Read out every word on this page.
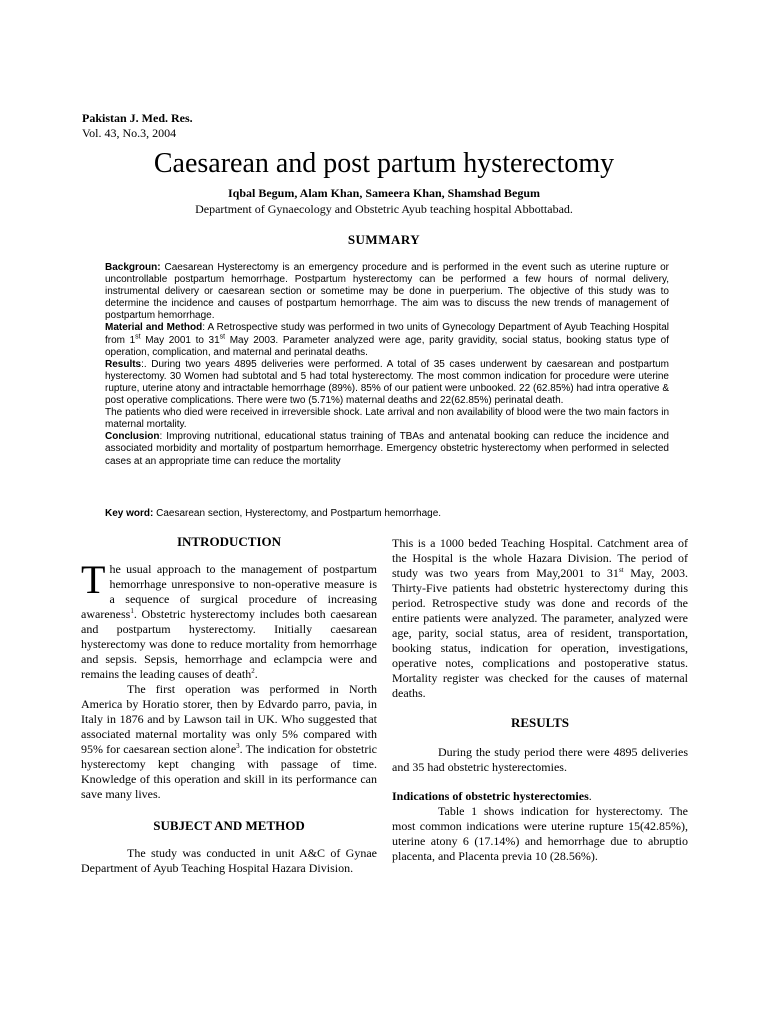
Pakistan J. Med. Res.
Vol. 43, No.3, 2004
Caesarean and post partum hysterectomy
Iqbal Begum, Alam Khan, Sameera Khan, Shamshad Begum
Department of Gynaecology and Obstetric Ayub teaching hospital Abbottabad.
SUMMARY

Backgroun: Caesarean Hysterectomy is an emergency procedure and is performed in the event such as uterine rupture or uncontrollable postpartum hemorrhage. Postpartum hysterectomy can be performed a few hours of normal delivery, instrumental delivery or caesarean section or sometime may be done in puerperium. The objective of this study was to determine the incidence and causes of postpartum hemorrhage. The aim was to discuss the new trends of management of postpartum hemorrhage.

Material and Method: A Retrospective study was performed in two units of Gynecology Department of Ayub Teaching Hospital from 1st May 2001 to 31st May 2003. Parameter analyzed were age, parity gravidity, social status, booking status type of operation, complication, and maternal and perinatal deaths.

Results:. During two years 4895 deliveries were performed. A total of 35 cases underwent by caesarean and postpartum hysterectomy. 30 Women had subtotal and 5 had total hysterectomy. The most common indication for procedure were uterine rupture, uterine atony and intractable hemorrhage (89%). 85% of our patient were unbooked. 22 (62.85%) had intra operative & post operative complications. There were two (5.71%) maternal deaths and 22(62.85%) perinatal death.

The patients who died were received in irreversible shock. Late arrival and non availability of blood were the two main factors in maternal mortality.

Conclusion: Improving nutritional, educational status training of TBAs and antenatal booking can reduce the incidence and associated morbidity and mortality of postpartum hemorrhage. Emergency obstetric hysterectomy when performed in selected cases at an appropriate time can reduce the mortality

Key word: Caesarean section, Hysterectomy, and Postpartum hemorrhage.

INTRODUCTION

The usual approach to the management of postpartum hemorrhage unresponsive to non-operative measure is a sequence of surgical procedure of increasing awareness$^1$. Obstetric hysterectomy includes both caesarean and postpartum hysterectomy. Initially caesarean hysterectomy was done to reduce mortality from hemorrhage and sepsis. Sepsis, hemorrhage and eclampcia were and remains the leading causes of death$^2$.

The first operation was performed in North America by Horatio storer, then by Edvardo parro, pavia, in Italy in 1876 and by Lawson tail in UK. Who suggested that associated maternal mortality was only 5% compared with 95% for caesarean section alone$^3$. The indication for obstetric hysterectomy kept changing with passage of time. Knowledge of this operation and skill in its performance can save many lives.

SUBJECT AND METHOD

The study was conducted in unit A&C of Gynae Department of Ayub Teaching Hospital Hazara Division.

This is a 1000 beded Teaching Hospital. Catchment area of the Hospital is the whole Hazara Division. The period of study was two years from May,2001 to 31st May, 2003. Thirty-Five patients had obstetric hysterectomy during this period. Retrospective study was done and records of the entire patients were analyzed. The parameter, analyzed were age, parity, social status, area of resident, transportation, booking status, indication for operation, investigations, operative notes, complications and postoperative status. Mortality register was checked for the causes of maternal deaths.

RESULTS

During the study period there were 4895 deliveries and 35 had obstetric hysterectomies.

Indications of obstetric hysterectomies.

Table 1 shows indication for hysterectomy. The most common indications were uterine rupture 15(42.85%), uterine atony 6 (17.14%) and hemorrhage due to abruptio placenta, and Placenta previa 10 (28.56%).
